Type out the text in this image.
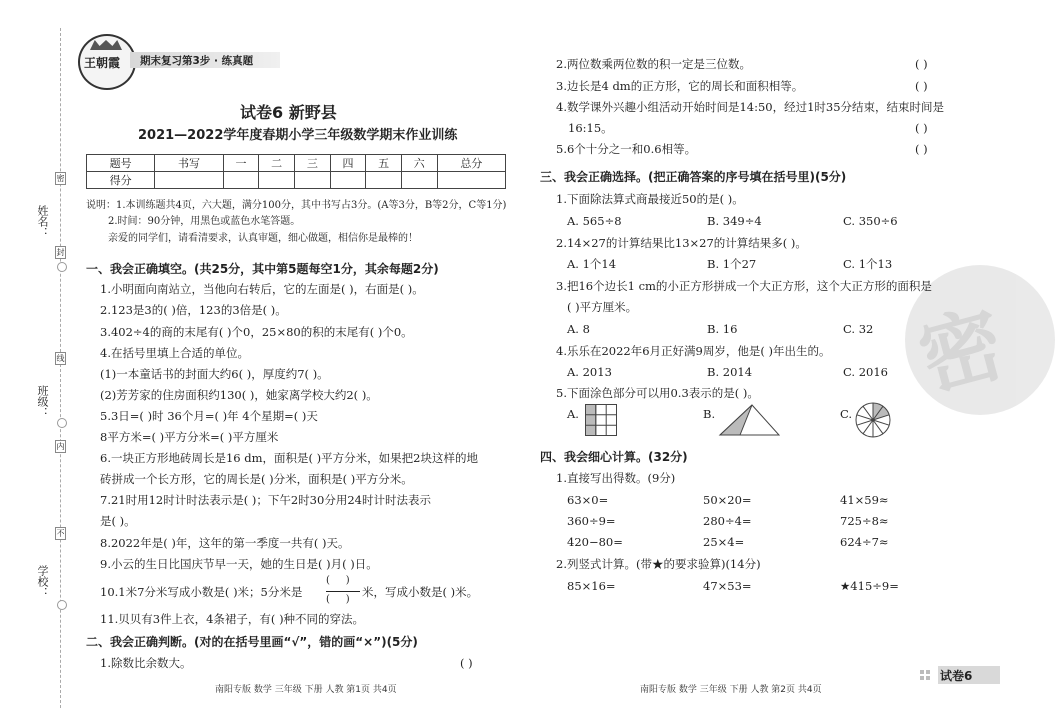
姓名：
班级：
学校：
密
封
线
内
不
王朝霞 期末复习第3步 · 练真题
试卷6 新野县
2021—2022学年度春期小学三年级数学期末作业训练
题号	书写	一	二	三	四	五	六	总分
得分								
说明：1.本训练题共4页，六大题，满分100分，其中书写占3分。(A等3分，B等2分，C等1分)
2.时间：90分钟，用黑色或蓝色水笔答题。
亲爱的同学们，请看清要求，认真审题，细心做题，相信你是最棒的！
一、我会正确填空。(共25分，其中第5题每空1分，其余每题2分)
1.小明面向南站立，当他向右转后，它的左面是( )，右面是( )。
2.123是3的( )倍，123的3倍是( )。
3.402÷4的商的末尾有( )个0，25×80的积的末尾有( )个0。
4.在括号里填上合适的单位。
(1)一本童话书的封面大约6( )，厚度约7( )。
(2)芳芳家的住房面积约130( )，她家离学校大约2( )。
5.3日=( )时 36个月=( )年 4个星期=( )天
8平方米=( )平方分米=( )平方厘米
6.一块正方形地砖周长是16 dm，面积是( )平方分米，如果把2块这样的地
砖拼成一个长方形，它的周长是( )分米，面积是( )平方分米。
7.21时用12时计时法表示是( )；下午2时30分用24时计时法表示
是( )。
8.2022年是( )年，这年的第一季度一共有( )天。
9.小云的生日比国庆节早一天，她的生日是( )月( )日。
10.1米7分米写成小数是( )米；5分米是
(     )
(     )
米，写成小数是( )米。
11.贝贝有3件上衣，4条裙子，有( )种不同的穿法。
二、我会正确判断。(对的在括号里画“√”，错的画“×”)(5分)
1.除数比余数大。	( )
南阳专版 数学 三年级 下册 人教 第1页 共4页
密
2.两位数乘两位数的积一定是三位数。	( )
3.边长是4 dm的正方形，它的周长和面积相等。	( )
4.数学课外兴趣小组活动开始时间是14:50，经过1时35分结束，结束时间是
16:15。	( )
5.6个十分之一和0.6相等。	( )
三、我会正确选择。(把正确答案的序号填在括号里)(5分)
1.下面除法算式商最接近50的是( )。
A. 565÷8	B. 349÷4	C. 350÷6
2.14×27的计算结果比13×27的计算结果多( )。
A. 1个14	B. 1个27	C. 1个13
3.把16个边长1 cm的小正方形拼成一个大正方形，这个大正方形的面积是
( )平方厘米。
A. 8	B. 16	C. 32
4.乐乐在2022年6月正好满9周岁，他是( )年出生的。
A. 2013	B. 2014	C. 2016
5.下面涂色部分可以用0.3表示的是( )。
A.	B.	C.
四、我会细心计算。(32分)
1.直接写出得数。(9分)
63×0=	50×20=	41×59≈
360÷9=	280÷4=	725÷8≈
420−80=	25×4=	624÷7≈
2.列竖式计算。(带★的要求验算)(14分)
85×16=	47×53=	★415÷9=
南阳专版 数学 三年级 下册 人教 第2页 共4页
试卷6
